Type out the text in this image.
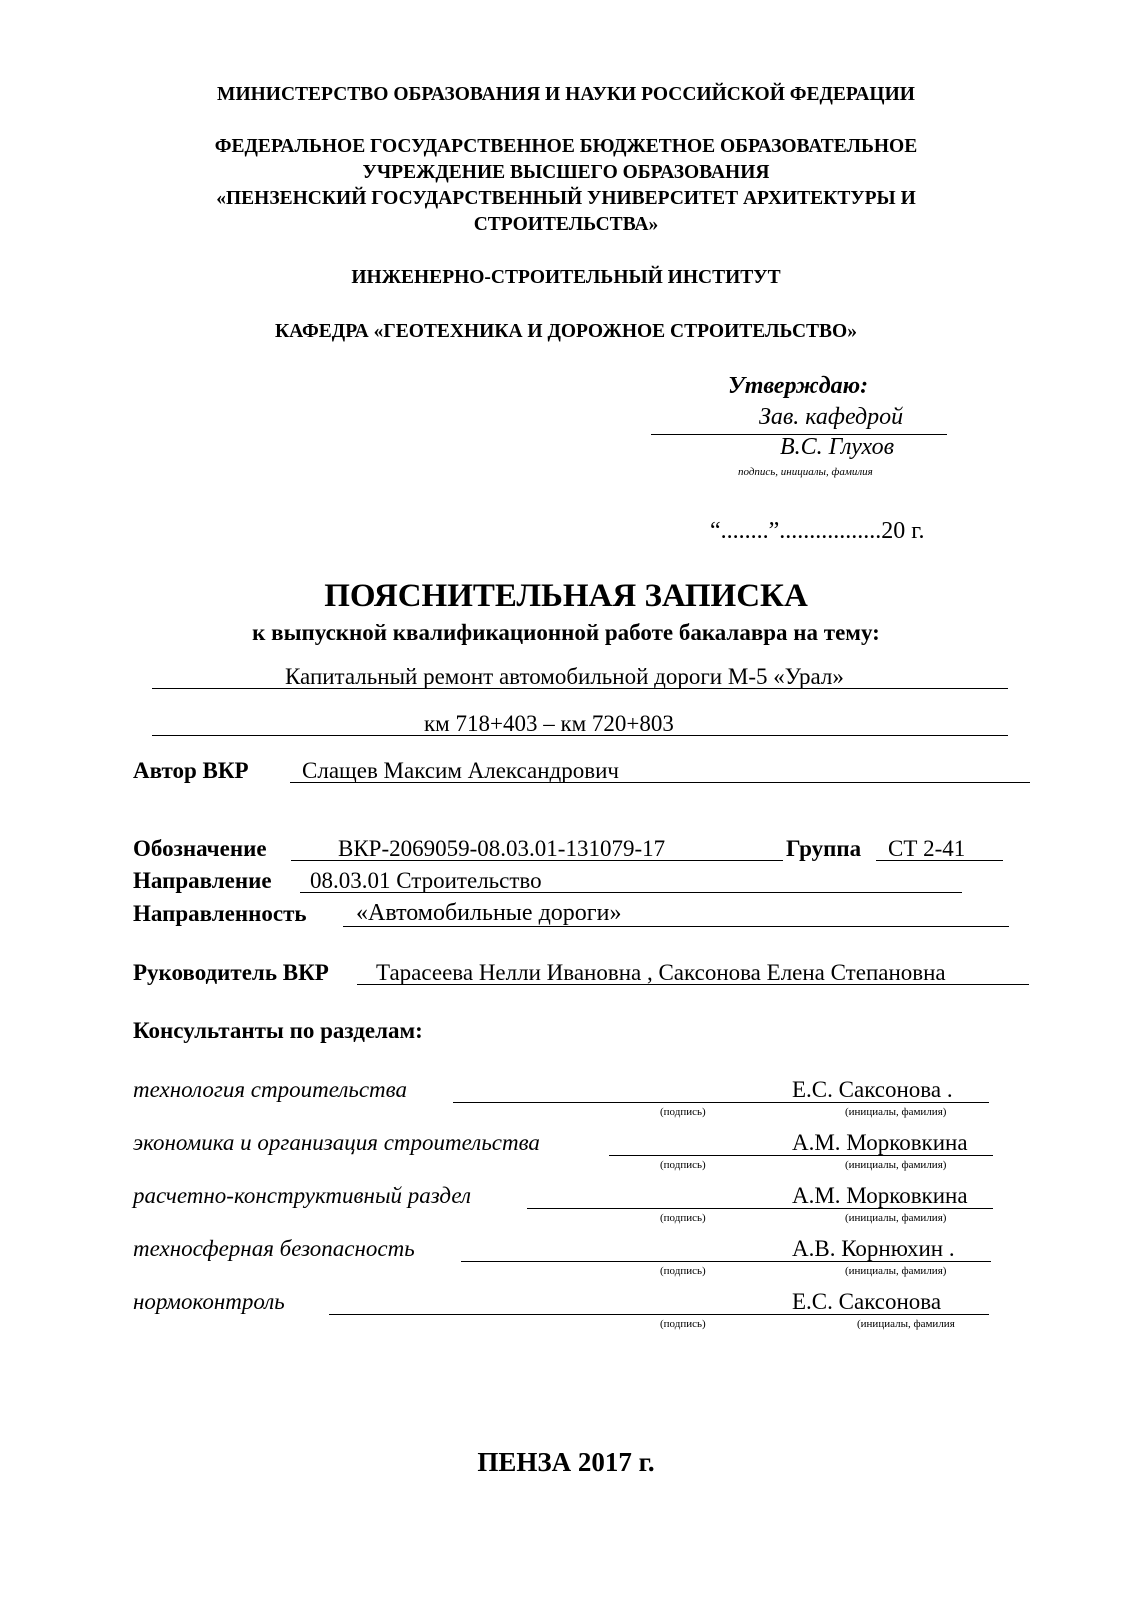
МИНИСТЕРСТВО ОБРАЗОВАНИЯ И НАУКИ РОССИЙСКОЙ ФЕДЕРАЦИИ
ФЕДЕРАЛЬНОЕ ГОСУДАРСТВЕННОЕ БЮДЖЕТНОЕ ОБРАЗОВАТЕЛЬНОЕ
УЧРЕЖДЕНИЕ ВЫСШЕГО ОБРАЗОВАНИЯ
«ПЕНЗЕНСКИЙ ГОСУДАРСТВЕННЫЙ УНИВЕРСИТЕТ АРХИТЕКТУРЫ И
СТРОИТЕЛЬСТВА»
ИНЖЕНЕРНО-СТРОИТЕЛЬНЫЙ ИНСТИТУТ
КАФЕДРА «ГЕОТЕХНИКА И ДОРОЖНОЕ СТРОИТЕЛЬСТВО»
Утверждаю:
Зав. кафедрой
В.С. Глухов
подпись, инициалы, фамилия
“........”.................20 г.
ПОЯСНИТЕЛЬНАЯ ЗАПИСКА
к выпускной квалификационной работе бакалавра на тему:
Капитальный ремонт автомобильной дороги М-5 «Урал»
км 718+403 – км 720+803
Автор ВКР Слащев Максим Александрович
Обозначение	ВКР-2069059-08.03.01-131079-17	Группа СТ 2-41
Направление 08.03.01 Строительство
Направленность «Автомобильные дороги»
Руководитель ВКР Тарасеева Нелли Ивановна , Саксонова Елена Степановна
Консультанты по разделам:
технология строительства	Е.С. Саксонова .
(подпись)	(инициалы, фамилия)
экономика и организация строительства	А.М. Морковкина
(подпись)	(инициалы, фамилия)
расчетно-конструктивный раздел	А.М. Морковкина
(подпись)	(инициалы, фамилия)
техносферная безопасность	А.В. Корнюхин .
(подпись)	(инициалы, фамилия)
нормоконтроль	Е.С. Саксонова
(подпись)	(инициалы, фамилия
ПЕНЗА 2017 г.
